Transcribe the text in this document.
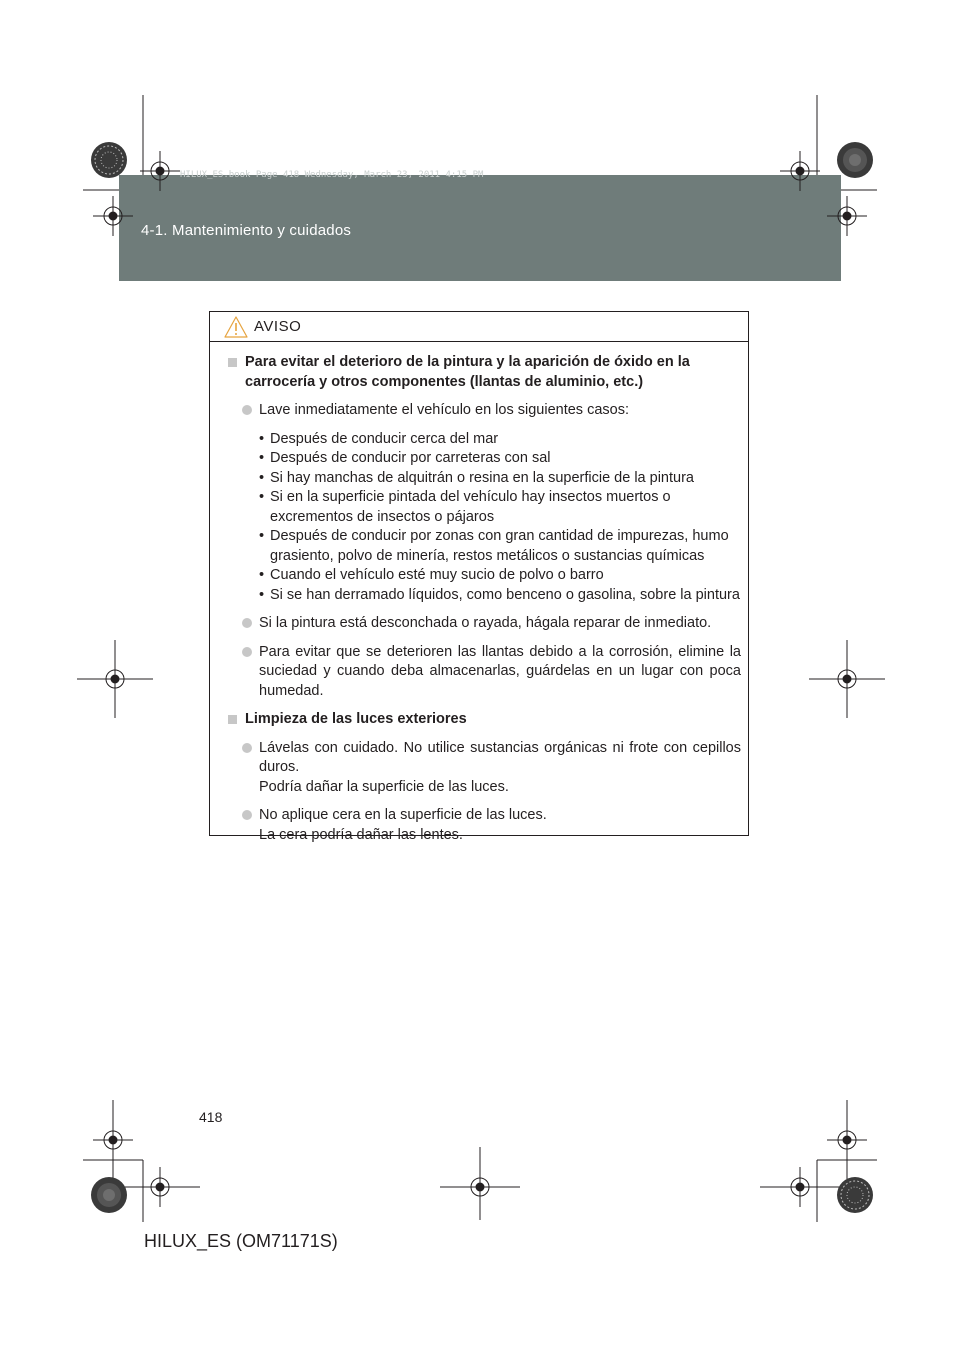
4-1. Mantenimiento y cuidados
HILUX_ES.book Page 418 Wednesday, March 23, 2011 4:15 PM
AVISO
Para evitar el deterioro de la pintura y la aparición de óxido en la carrocería y otros componentes (llantas de aluminio, etc.)
Lave inmediatamente el vehículo en los siguientes casos:
• Después de conducir cerca del mar
• Después de conducir por carreteras con sal
• Si hay manchas de alquitrán o resina en la superficie de la pintura
• Si en la superficie pintada del vehículo hay insectos muertos o excrementos de insectos o pájaros
• Después de conducir por zonas con gran cantidad de impurezas, humo grasiento, polvo de minería, restos metálicos o sustancias químicas
• Cuando el vehículo esté muy sucio de polvo o barro
• Si se han derramado líquidos, como benceno o gasolina, sobre la pintura
Si la pintura está desconchada o rayada, hágala reparar de inmediato.
Para evitar que se deterioren las llantas debido a la corrosión, elimine la suciedad y cuando deba almacenarlas, guárdelas en un lugar con poca humedad.
Limpieza de las luces exteriores
Lávelas con cuidado. No utilice sustancias orgánicas ni frote con cepillos duros.
Podría dañar la superficie de las luces.
No aplique cera en la superficie de las luces.
La cera podría dañar las lentes.
418
HILUX_ES (OM71171S)
